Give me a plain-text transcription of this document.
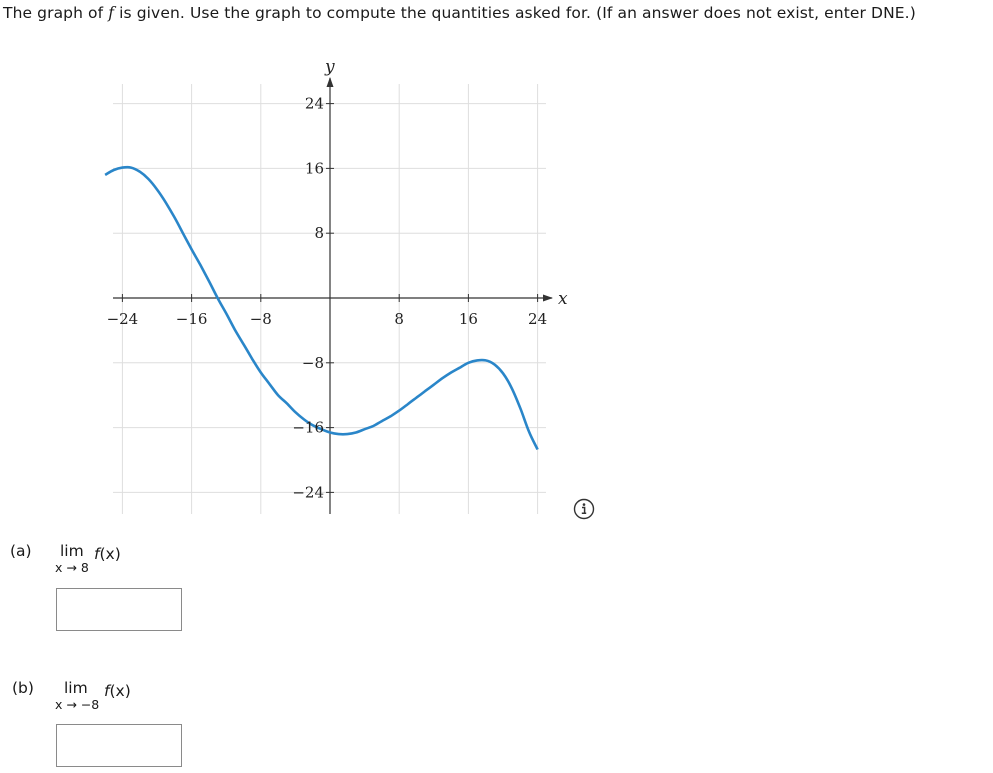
The graph of f is given. Use the graph to compute the quantities asked for. (If an answer does not exist, enter DNE.)
−24	−16	−8	8	16	24
−24
−16
−8
8
16
24
x
y
(a) lim
x → 8
f(x)
(b) lim
x → −8
f(x)
